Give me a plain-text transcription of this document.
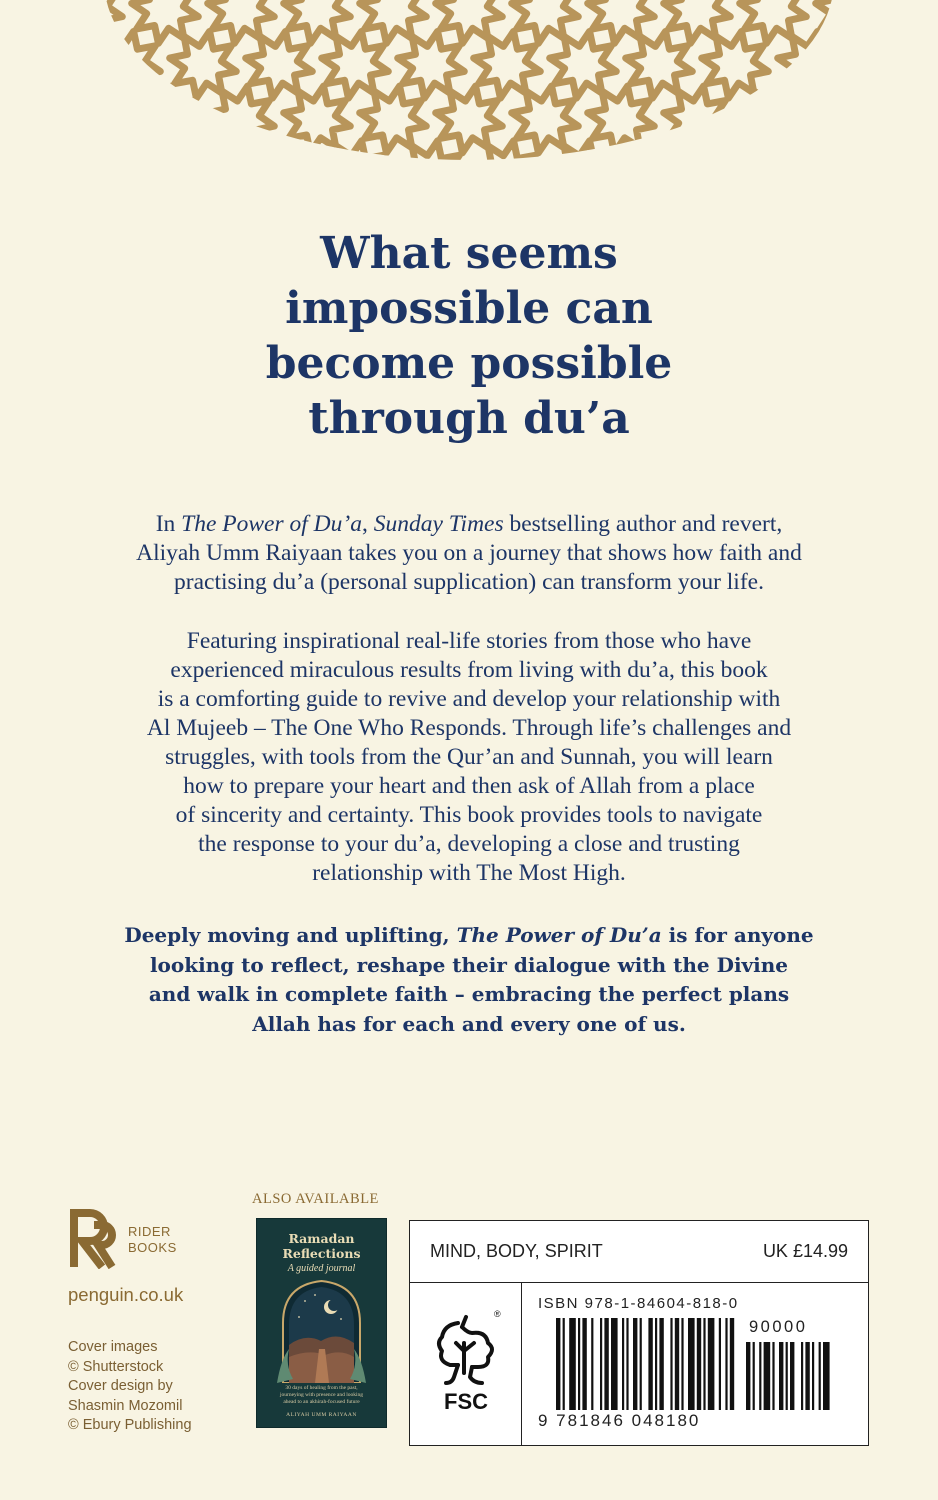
What seems
impossible can
become possible
through du’a
In The Power of Du’a, Sunday Times bestselling author and revert,
Aliyah Umm Raiyaan takes you on a journey that shows how faith and
practising du’a (personal supplication) can transform your life.
Featuring inspirational real-life stories from those who have
experienced miraculous results from living with du’a, this book
is a comforting guide to revive and develop your relationship with
Al Mujeeb – The One Who Responds. Through life’s challenges and
struggles, with tools from the Qur’an and Sunnah, you will learn
how to prepare your heart and then ask of Allah from a place
of sincerity and certainty. This book provides tools to navigate
the response to your du’a, developing a close and trusting
relationship with The Most High.
Deeply moving and uplifting, The Power of Du’a is for anyone
looking to reflect, reshape their dialogue with the Divine
and walk in complete faith – embracing the perfect plans
Allah has for each and every one of us.
RIDER
BOOKS
penguin.co.uk
Cover images
© Shutterstock
Cover design by
Shasmin Mozomil
© Ebury Publishing
ALSO AVAILABLE
Ramadan
Reflections
A guided journal
30 days of healing from the past,
journeying with presence and looking
ahead to an akhirah-focused future
ALIYAH UMM RAIYAAN
MIND, BODY, SPIRIT	UK £14.99
®
FSC
ISBN 978-1-84604-818-0
90000
9 781846 048180
